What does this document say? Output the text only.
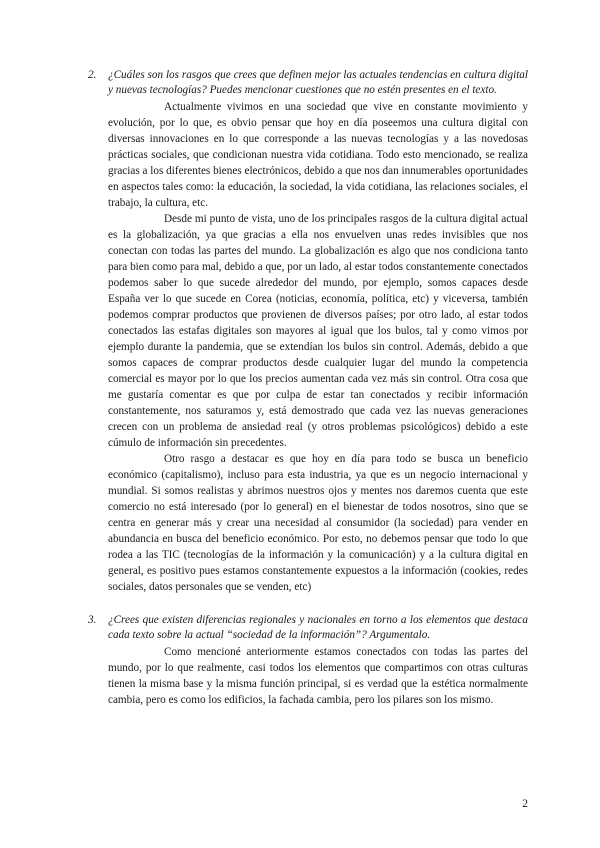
2.	¿Cuáles son los rasgos que crees que definen mejor las actuales tendencias en cultura digital y nuevas tecnologías? Puedes mencionar cuestiones que no estén presentes en el texto.

Actualmente vivimos en una sociedad que vive en constante movimiento y evolución, por lo que, es obvio pensar que hoy en día poseemos una cultura digital con diversas innovaciones en lo que corresponde a las nuevas tecnologías y a las novedosas prácticas sociales, que condicionan nuestra vida cotidiana. Todo esto mencionado, se realiza gracias a los diferentes bienes electrónicos, debido a que nos dan innumerables oportunidades en aspectos tales como: la educación, la sociedad, la vida cotidiana, las relaciones sociales, el trabajo, la cultura, etc.

Desde mi punto de vista, uno de los principales rasgos de la cultura digital actual es la globalización, ya que gracias a ella nos envuelven unas redes invisibles que nos conectan con todas las partes del mundo. La globalización es algo que nos condiciona tanto para bien como para mal, debido a que, por un lado, al estar todos constantemente conectados podemos saber lo que sucede alrededor del mundo, por ejemplo, somos capaces desde España ver lo que sucede en Corea (noticias, economía, política, etc) y viceversa, también podemos comprar productos que provienen de diversos países; por otro lado, al estar todos conectados las estafas digitales son mayores al igual que los bulos, tal y como vimos por ejemplo durante la pandemia, que se extendían los bulos sin control. Además, debido a que somos capaces de comprar productos desde cualquier lugar del mundo la competencia comercial es mayor por lo que los precios aumentan cada vez más sin control. Otra cosa que me gustaría comentar es que por culpa de estar tan conectados y recibir información constantemente, nos saturamos y, está demostrado que cada vez las nuevas generaciones crecen con un problema de ansiedad real (y otros problemas psicológicos) debido a este cúmulo de información sin precedentes.

Otro rasgo a destacar es que hoy en día para todo se busca un beneficio económico (capitalismo), incluso para esta industria, ya que es un negocio internacional y mundial. Si somos realistas y abrimos nuestros ojos y mentes nos daremos cuenta que este comercio no está interesado (por lo general) en el bienestar de todos nosotros, sino que se centra en generar más y crear una necesidad al consumidor (la sociedad) para vender en abundancia en busca del beneficio económico. Por esto, no debemos pensar que todo lo que rodea a las TIC (tecnologías de la información y la comunicación) y a la cultura digital en general, es positivo pues estamos constantemente expuestos a la información (cookies, redes sociales, datos personales que se venden, etc)

3.	¿Crees que existen diferencias regionales y nacionales en torno a los elementos que destaca cada texto sobre la actual “sociedad de la información”? Argumentalo.

Como mencioné anteriormente estamos conectados con todas las partes del mundo, por lo que realmente, casi todos los elementos que compartimos con otras culturas tienen la misma base y la misma función principal, si es verdad que la estética normalmente cambia, pero es como los edificios, la fachada cambia, pero los pilares son los mismo.

2
